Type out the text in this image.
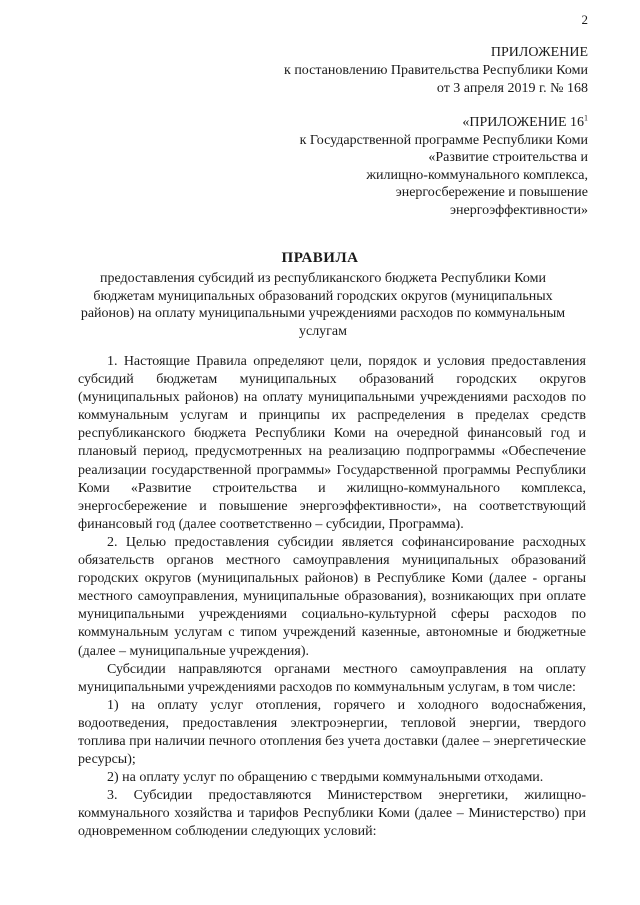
2
ПРИЛОЖЕНИЕ
к постановлению Правительства Республики Коми
от 3 апреля 2019 г. № 168
«ПРИЛОЖЕНИЕ $16^1$
к Государственной программе Республики Коми
«Развитие строительства и
жилищно-коммунального комплекса,
энергосбережение и повышение
энергоэффективности»
ПРАВИЛА
предоставления субсидий из республиканского бюджета Республики Коми бюджетам муниципальных образований городских округов (муниципальных районов) на оплату муниципальными учреждениями расходов по коммунальным услугам

1. Настоящие Правила определяют цели, порядок и условия предоставления субсидий бюджетам муниципальных образований городских округов (муниципальных районов) на оплату муниципальными учреждениями расходов по коммунальным услугам и принципы их распределения в пределах средств республиканского бюджета Республики Коми на очередной финансовый год и плановый период, предусмотренных на реализацию подпрограммы «Обеспечение реализации государственной программы» Государственной программы Республики Коми «Развитие строительства и жилищно-коммунального комплекса, энергосбережение и повышение энергоэффективности», на соответствующий финансовый год (далее соответственно – субсидии, Программа).

2. Целью предоставления субсидии является софинансирование расходных обязательств органов местного самоуправления муниципальных образований городских округов (муниципальных районов) в Республике Коми (далее - органы местного самоуправления, муниципальные образования), возникающих при оплате муниципальными учреждениями социально-культурной сферы расходов по коммунальным услугам с типом учреждений казенные, автономные и бюджетные (далее – муниципальные учреждения).

Субсидии направляются органами местного самоуправления на оплату муниципальными учреждениями расходов по коммунальным услугам, в том числе:

1) на оплату услуг отопления, горячего и холодного водоснабжения, водоотведения, предоставления электроэнергии, тепловой энергии, твердого топлива при наличии печного отопления без учета доставки (далее – энергетические ресурсы);

2) на оплату услуг по обращению с твердыми коммунальными отходами.

3. Субсидии предоставляются Министерством энергетики, жилищно-коммунального хозяйства и тарифов Республики Коми (далее – Министерство) при одновременном соблюдении следующих условий:
